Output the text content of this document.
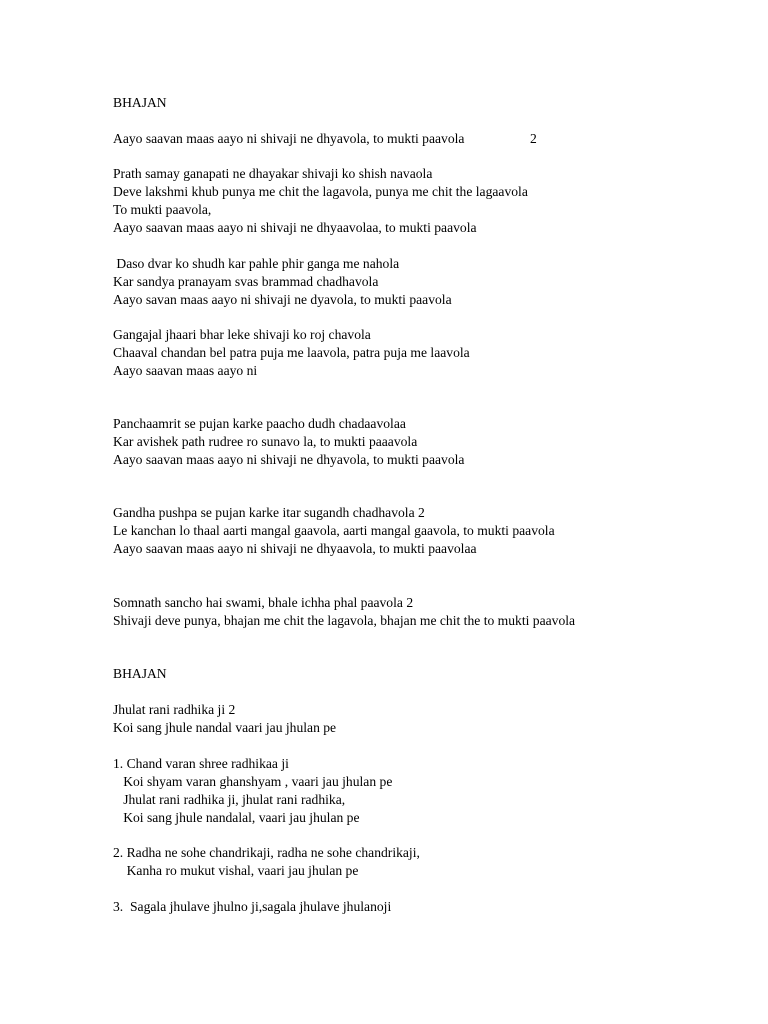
BHAJAN
Aayo saavan maas aayo ni shivaji ne dhyavola, to mukti paavola	2
Prath samay ganapati ne dhayakar shivaji ko shish navaola
Deve lakshmi khub punya me chit the lagavola, punya me chit the lagaavola
To mukti paavola,
Aayo saavan maas aayo ni shivaji ne dhyaavolaa, to mukti paavola
Daso dvar ko shudh kar pahle phir ganga me nahola
Kar sandya pranayam svas brammad chadhavola
Aayo savan maas aayo ni shivaji ne dyavola, to mukti paavola
Gangajal jhaari bhar leke shivaji ko roj chavola
Chaaval chandan bel patra puja me laavola, patra puja me laavola
Aayo saavan maas aayo ni
Panchaamrit se pujan karke paacho dudh chadaavolaa
Kar avishek path rudree ro sunavo la, to mukti paaavola
Aayo saavan maas aayo ni shivaji ne dhyavola, to mukti paavola
Gandha pushpa se pujan karke itar sugandh chadhavola 2
Le kanchan lo thaal aarti mangal gaavola, aarti mangal gaavola, to mukti paavola
Aayo saavan maas aayo ni shivaji ne dhyaavola, to mukti paavolaa
Somnath sancho hai swami, bhale ichha phal paavola 2
Shivaji deve punya, bhajan me chit the lagavola, bhajan me chit the to mukti paavola
BHAJAN
Jhulat rani radhika ji 2
Koi sang jhule nandal vaari jau jhulan pe
1. Chand varan shree radhikaa ji
Koi shyam varan ghanshyam , vaari jau jhulan pe
Jhulat rani radhika ji, jhulat rani radhika,
Koi sang jhule nandalal, vaari jau jhulan pe
2. Radha ne sohe chandrikaji, radha ne sohe chandrikaji,
Kanha ro mukut vishal, vaari jau jhulan pe
3.  Sagala jhulave jhulno ji,sagala jhulave jhulanoji
